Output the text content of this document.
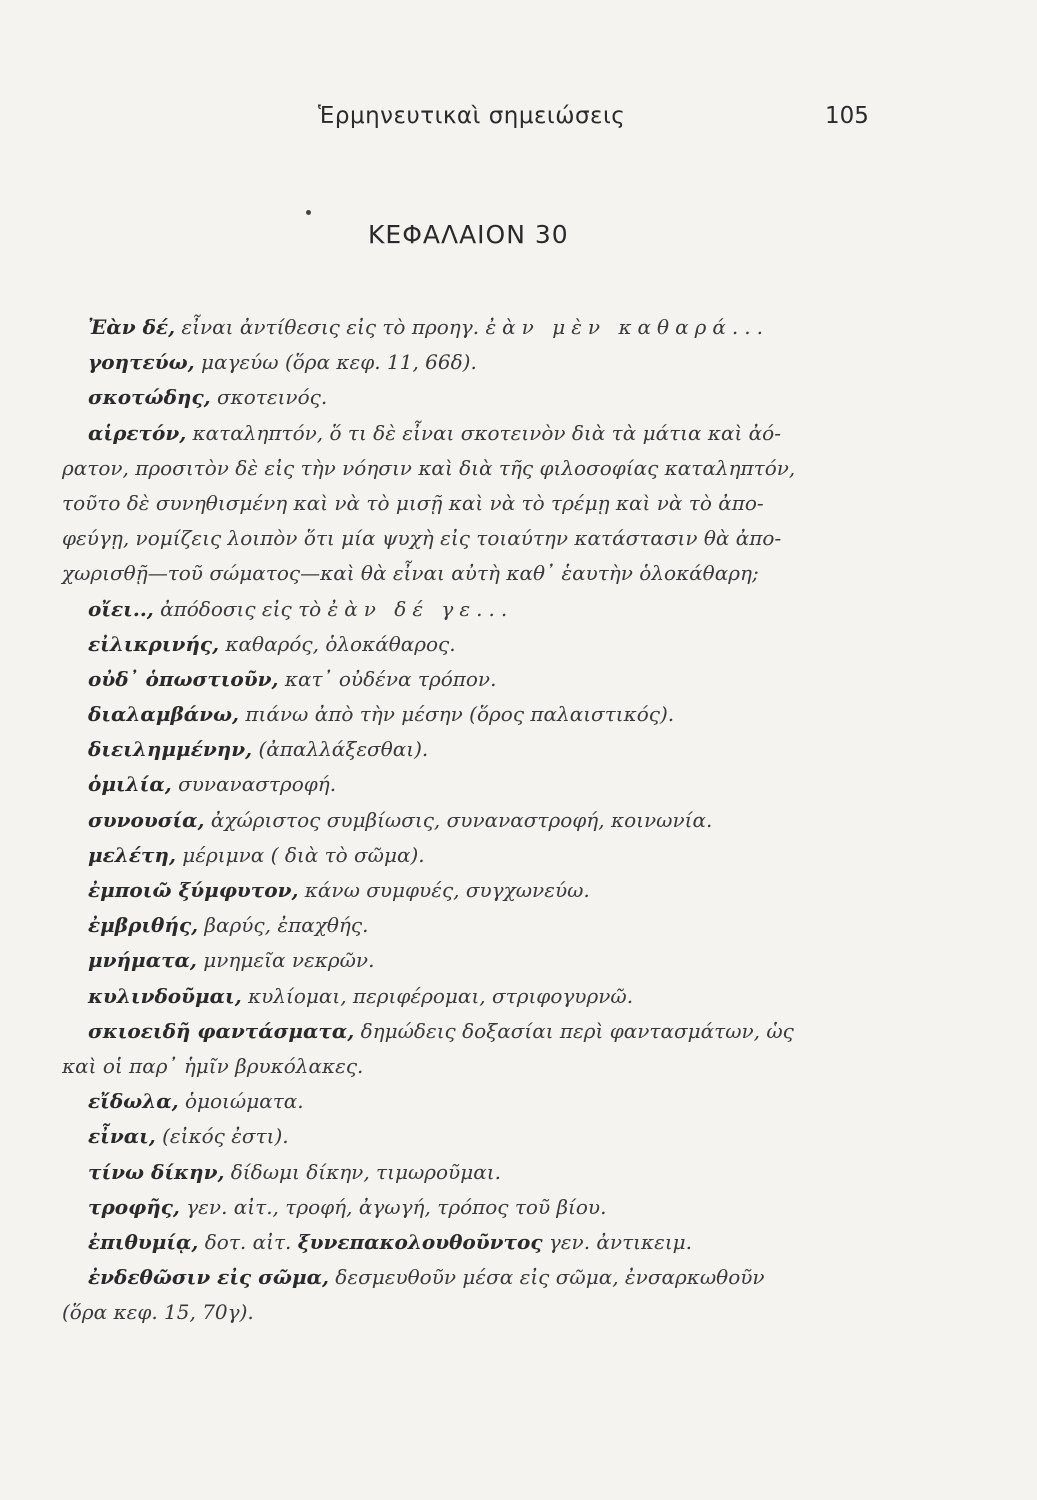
Ἑρμηνευτικαὶ σημειώσεις	105
ΚΕΦΑΛΑΙΟΝ 30
Ἐὰν δέ, εἶναι ἀντίθεσις εἰς τὸ προηγ. ἐὰν μὲν καθαρά...
γοητεύω, μαγεύω (ὅρα κεφ. 11, 66δ).
σκοτώδης, σκοτεινός.
αἱρετόν, καταληπτόν, ὅ τι δὲ εἶναι σκοτεινὸν διὰ τὰ μάτια καὶ ἀό-
ρατον, προσιτὸν δὲ εἰς τὴν νόησιν καὶ διὰ τῆς φιλοσοφίας καταληπτόν,
τοῦτο δὲ συνηθισμένη καὶ νὰ τὸ μισῇ καὶ νὰ τὸ τρέμῃ καὶ νὰ τὸ ἀπο-
φεύγῃ, νομίζεις λοιπὸν ὅτι μία ψυχὴ εἰς τοιαύτην κατάστασιν θὰ ἀπο-
χωρισθῇ—τοῦ σώματος—καὶ θὰ εἶναι αὐτὴ καθ᾽ ἑαυτὴν ὁλοκάθαρη;
οἴει.., ἀπόδοσις εἰς τὸ ἐὰν δέ γε...
εἰλικρινής, καθαρός, ὁλοκάθαρος.
οὐδ᾽ ὁπωστιοῦν, κατ᾽ οὐδένα τρόπον.
διαλαμβάνω, πιάνω ἀπὸ τὴν μέσην (ὅρος παλαιστικός).
διειλημμένην, (ἀπαλλάξεσθαι).
ὁμιλία, συναναστροφή.
συνουσία, ἀχώριστος συμβίωσις, συναναστροφή, κοινωνία.
μελέτη, μέριμνα ( διὰ τὸ σῶμα).
ἐμποιῶ ξύμφυτον, κάνω συμφυές, συγχωνεύω.
ἐμβριθής, βαρύς, ἐπαχθής.
μνήματα, μνημεῖα νεκρῶν.
κυλινδοῦμαι, κυλίομαι, περιφέρομαι, στριφογυρνῶ.
σκιοειδῆ φαντάσματα, δημώδεις δοξασίαι περὶ φαντασμάτων, ὡς
καὶ οἱ παρ᾽ ἡμῖν βρυκόλακες.
εἴδωλα, ὁμοιώματα.
εἶναι, (εἰκός ἐστι).
τίνω δίκην, δίδωμι δίκην, τιμωροῦμαι.
τροφῆς, γεν. αἰτ., τροφή, ἀγωγή, τρόπος τοῦ βίου.
ἐπιθυμίᾳ, δοτ. αἰτ. ξυνεπακολουθοῦντος γεν. ἀντικειμ.
ἐνδεθῶσιν εἰς σῶμα, δεσμευθοῦν μέσα εἰς σῶμα, ἐνσαρκωθοῦν
(ὅρα κεφ. 15, 70γ).
